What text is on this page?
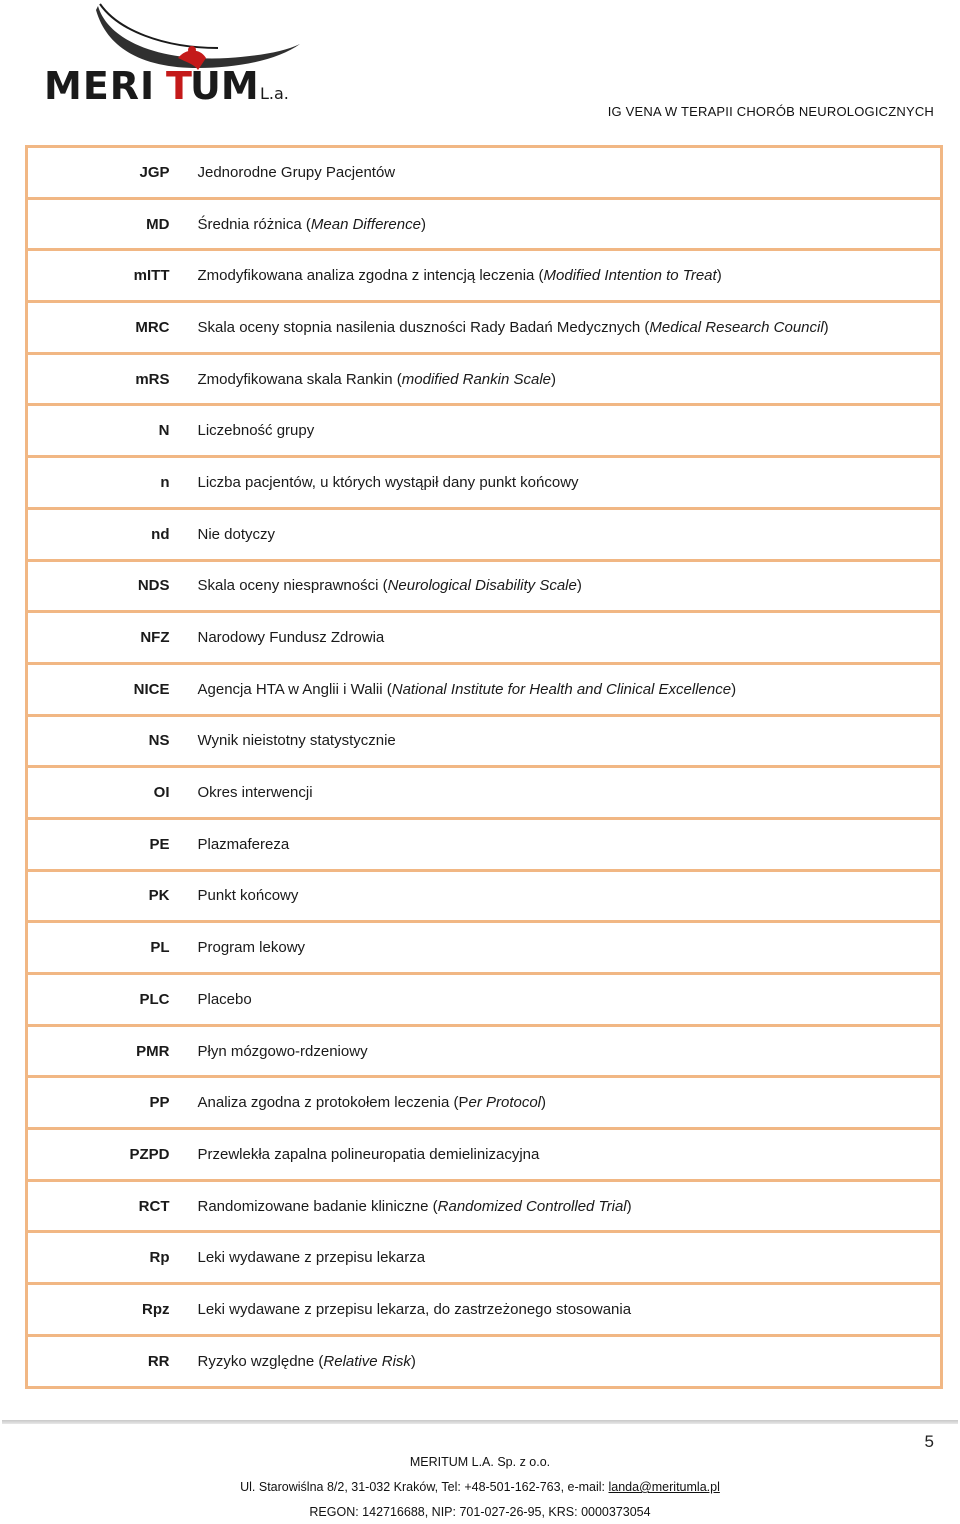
MERI T
UM L.a.
IG VENA W TERAPII CHORÓB NEUROLOGICZNYCH
JGP	Jednorodne Grupy Pacjentów
MD	Średnia różnica (Mean Difference)
mITT	Zmodyfikowana analiza zgodna z intencją leczenia (Modified Intention to Treat)
MRC	Skala oceny stopnia nasilenia duszności Rady Badań Medycznych (Medical Research Council)
mRS	Zmodyfikowana skala Rankin (modified Rankin Scale)
N	Liczebność grupy
n	Liczba pacjentów, u których wystąpił dany punkt końcowy
nd	Nie dotyczy
NDS	Skala oceny niesprawności (Neurological Disability Scale)
NFZ	Narodowy Fundusz Zdrowia
NICE	Agencja HTA w Anglii i Walii (National Institute for Health and Clinical Excellence)
NS	Wynik nieistotny statystycznie
OI	Okres interwencji
PE	Plazmafereza
PK	Punkt końcowy
PL	Program lekowy
PLC	Placebo
PMR	Płyn mózgowo-rdzeniowy
PP	Analiza zgodna z protokołem leczenia (Per Protocol)
PZPD	Przewlekła zapalna polineuropatia demielinizacyjna
RCT	Randomizowane badanie kliniczne (Randomized Controlled Trial)
Rp	Leki wydawane z przepisu lekarza
Rpz	Leki wydawane z przepisu lekarza, do zastrzeżonego stosowania
RR	Ryzyko względne (Relative Risk)
5
MERITUM L.A. Sp. z o.o.
Ul. Starowiślna 8/2, 31-032 Kraków, Tel: +48-501-162-763, e-mail: landa@meritumla.pl
REGON: 142716688, NIP: 701-027-26-95, KRS: 0000373054
